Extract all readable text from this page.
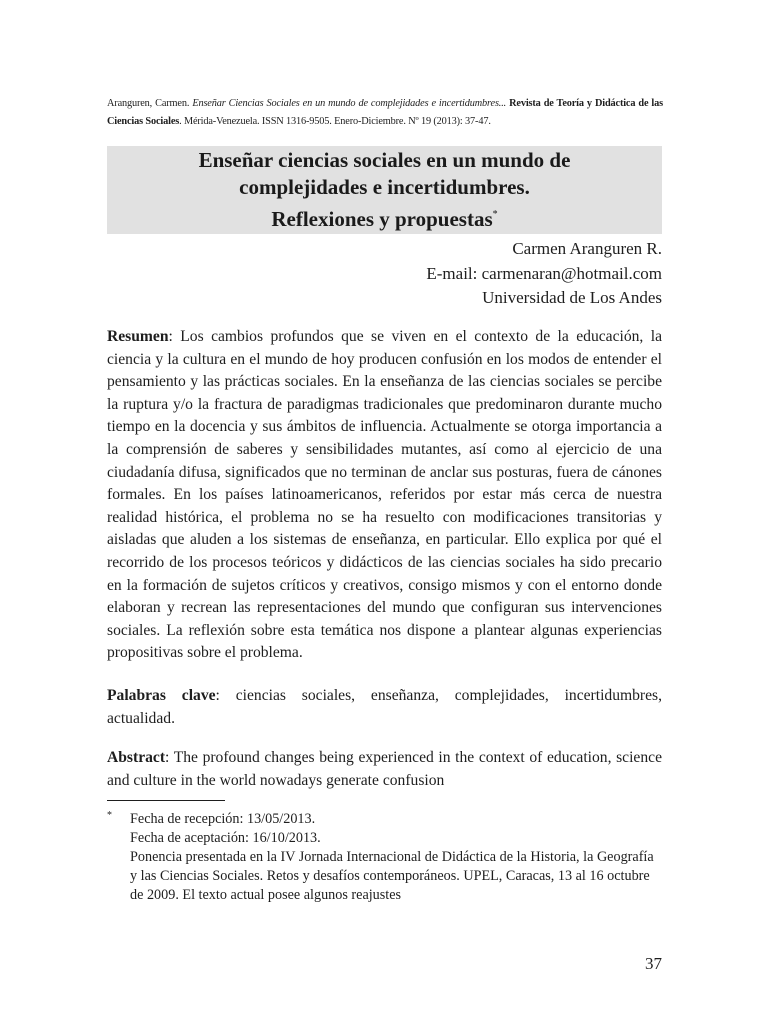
Aranguren, Carmen. Enseñar Ciencias Sociales en un mundo de complejidades e incertidumbres... Revista de Teoría y Didáctica de las Ciencias Sociales. Mérida-Venezuela. ISSN 1316-9505. Enero-Diciembre. Nº 19 (2013): 37-47.
Enseñar ciencias sociales en un mundo de
complejidades e incertidumbres.
Reflexiones y propuestas*
Carmen Aranguren R.
E-mail: carmenaran@hotmail.com
Universidad de Los Andes

Resumen: Los cambios profundos que se viven en el contexto de la educación, la ciencia y la cultura en el mundo de hoy producen confusión en los modos de entender el pensamiento y las prácticas sociales. En la enseñanza de las ciencias sociales se percibe la ruptura y/o la fractura de paradigmas tradicionales que predominaron durante mucho tiempo en la docencia y sus ámbitos de influencia. Actualmente se otorga importancia a la comprensión de saberes y sensibilidades mutantes, así como al ejercicio de una ciudadanía difusa, significados que no terminan de anclar sus posturas, fuera de cánones formales. En los países latinoamericanos, referidos por estar más cerca de nuestra realidad histórica, el problema no se ha resuelto con modificaciones transitorias y aisladas que aluden a los sistemas de enseñanza, en particular. Ello explica por qué el recorrido de los procesos teóricos y didácticos de las ciencias sociales ha sido precario en la formación de sujetos críticos y creativos, consigo mismos y con el entorno donde elaboran y recrean las representaciones del mundo que configuran sus intervenciones sociales. La reflexión sobre esta temática nos dispone a plantear algunas experiencias propositivas sobre el problema.

Palabras clave: ciencias sociales, enseñanza, complejidades, incertidumbres, actualidad.

Abstract: The profound changes being experienced in the context of education, science and culture in the world nowadays generate confusion

* Fecha de recepción: 13/05/2013.
Fecha de aceptación: 16/10/2013.
Ponencia presentada en la IV Jornada Internacional de Didáctica de la Historia, la Geografía y las Ciencias Sociales. Retos y desafíos contemporáneos. UPEL, Caracas, 13 al 16 octubre de 2009. El texto actual posee algunos reajustes
37
